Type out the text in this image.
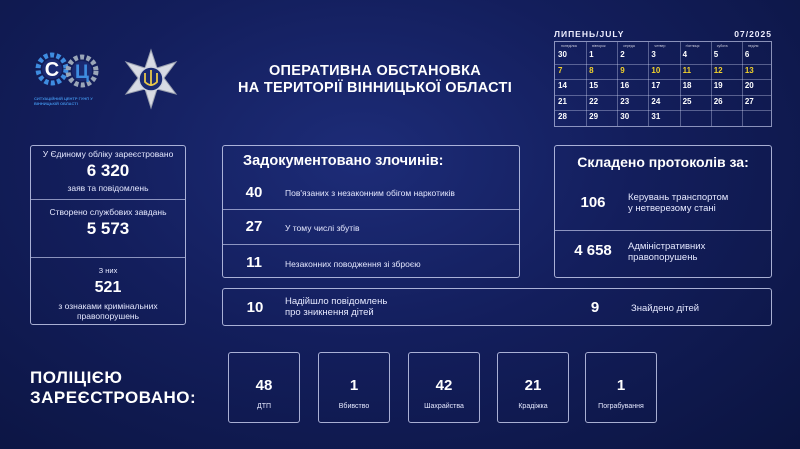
С Ц
СИТУАЦІЙНИЙ ЦЕНТР ГУНП У ВІННИЦЬКІЙ ОБЛАСТІ
ОПЕРАТИВНА ОБСТАНОВКА
НА ТЕРИТОРІЇ ВІННИЦЬКОЇ ОБЛАСТІ
ЛИПЕНЬ/JULY	07/2025
понеділок	вівторок	середа	четвер	п'ятниця	субота	неділя
30	1	2	3	4	5	6
7	8	9	10	11	12	13
14	15	16	17	18	19	20
21	22	23	24	25	26	27
28	29	30	31
У Єдиному обліку зареєстровано
6 320
заяв та повідомлень
Створено службових завдань
5 573
З них
521
з ознаками кримінальних
правопорушень
Задокументовано злочинів:
40	Пов'язаних з незаконним обігом наркотиків
27	У тому числі збутів
11	Незаконних поводження зі зброєю
Складено протоколів за:
106	Керувань транспортом
у нетверезому стані
4 658	Адміністративних
правопорушень
10	Надійшло повідомлень
про зникнення дітей	9	Знайдено дітей
ПОЛІЦІЄЮ
ЗАРЕЄСТРОВАНО:
48
ДТП
1
Вбивство
42
Шахрайства
21
Крадіжка
1
Пограбування
